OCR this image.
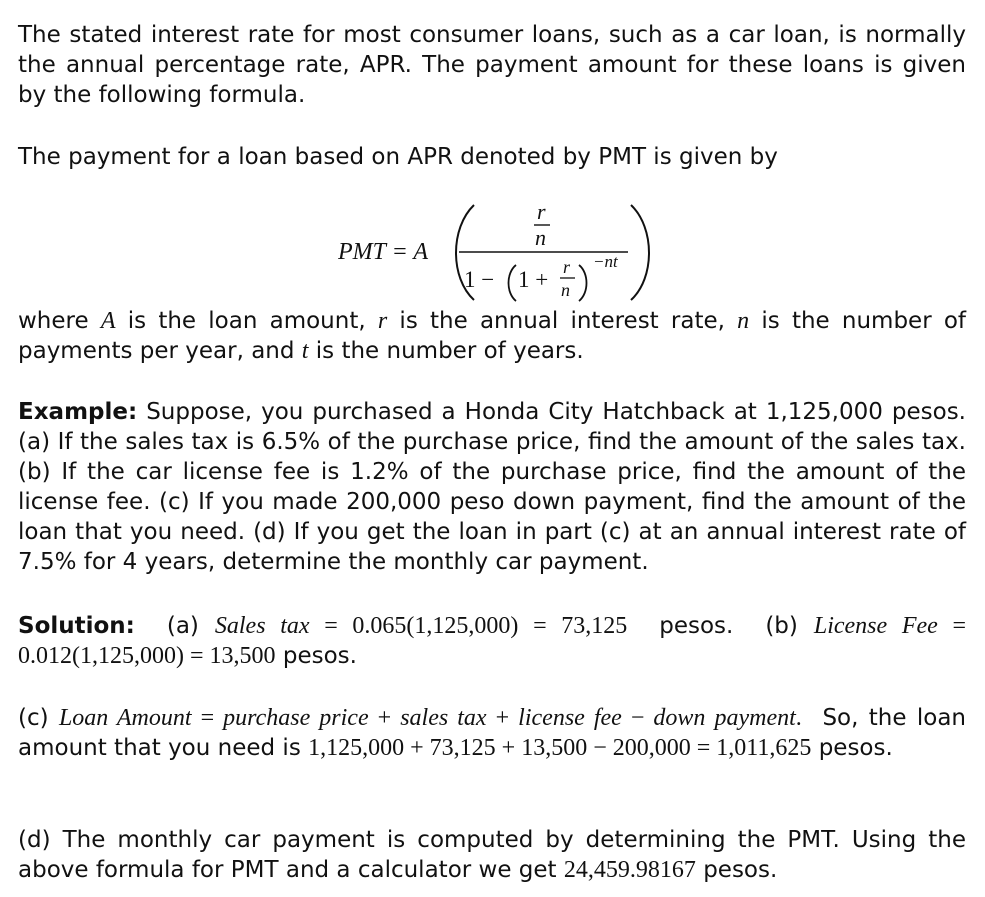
The stated interest rate for most consumer loans, such as a car loan, is normally the annual percentage rate, APR. The payment amount for these loans is given by the following formula.

The payment for a loan based on APR denoted by PMT is given by

PMT = A
r
n
1 − 1 + r
n
−nt

where A is the loan amount, r is the annual interest rate, n is the number of payments per year, and t is the number of years.

Example: Suppose, you purchased a Honda City Hatchback at 1,125,000 pesos. (a) If the sales tax is 6.5% of the purchase price, find the amount of the sales tax. (b) If the car license fee is 1.2% of the purchase price, find the amount of the license fee. (c) If you made 200,000 peso down payment, find the amount of the loan that you need. (d) If you get the loan in part (c) at an annual interest rate of 7.5% for 4 years, determine the monthly car payment.

Solution: (a) Sales tax = 0.065(1,125,000) = 73,125 pesos. (b) License Fee = 0.012(1,125,000) = 13,500 pesos.

(c) Loan Amount = purchase price + sales tax + license fee − down payment. So, the loan amount that you need is 1,125,000 + 73,125 + 13,500 − 200,000 = 1,011,625 pesos.

(d) The monthly car payment is computed by determining the PMT. Using the above formula for PMT and a calculator we get 24,459.98167 pesos.
